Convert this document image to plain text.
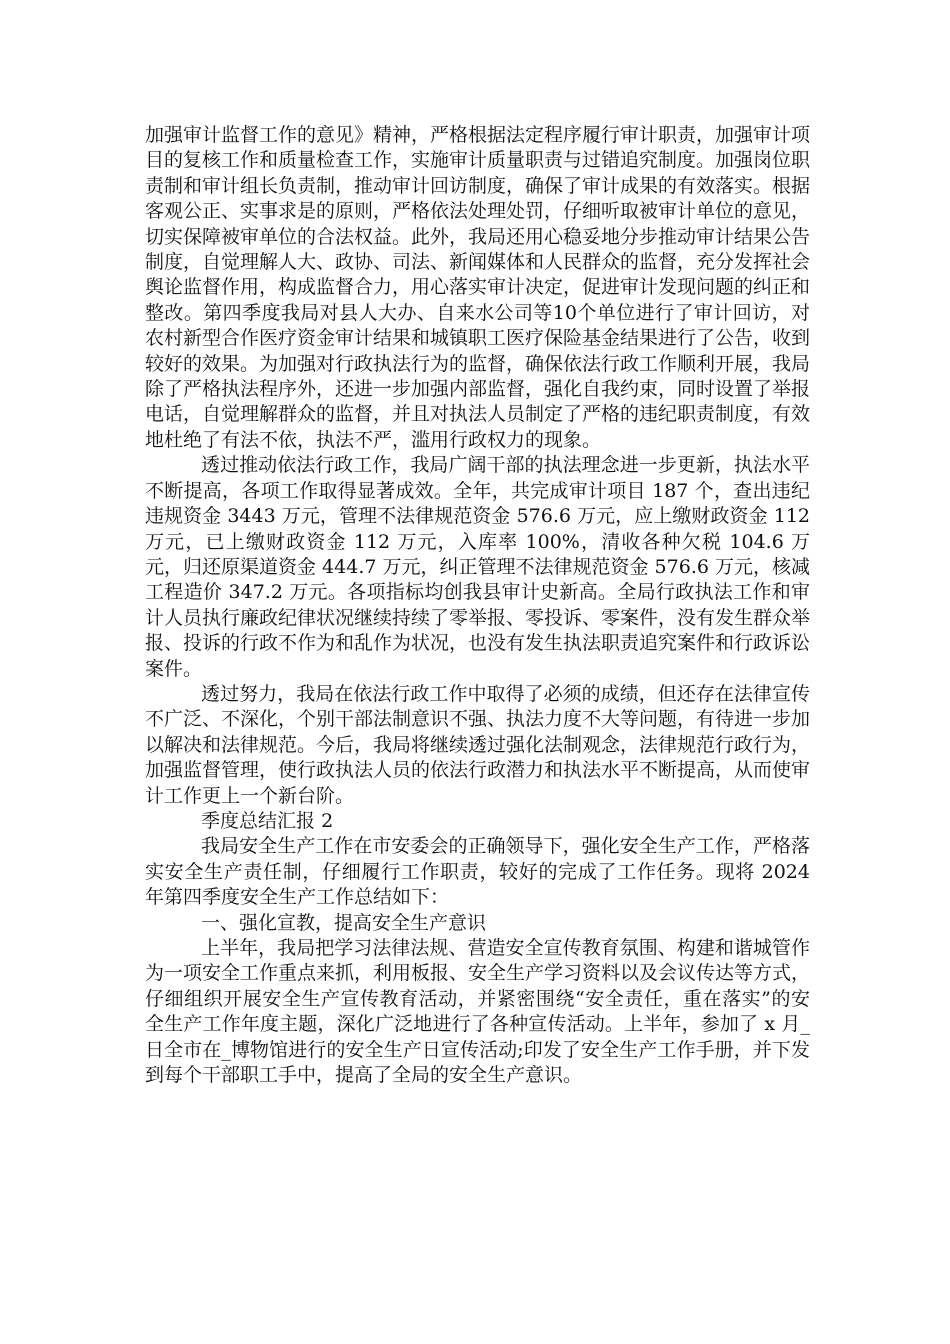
加强审计监督工作的意见》精神，严格根据法定程序履行审计职责，加强审计项目的复核工作和质量检查工作，实施审计质量职责与过错追究制度。加强岗位职责制和审计组长负责制，推动审计回访制度，确保了审计成果的有效落实。根据客观公正、实事求是的原则，严格依法处理处罚，仔细听取被审计单位的意见，切实保障被审单位的合法权益。此外，我局还用心稳妥地分步推动审计结果公告制度，自觉理解人大、政协、司法、新闻媒体和人民群众的监督，充分发挥社会舆论监督作用，构成监督合力，用心落实审计决定，促进审计发现问题的纠正和整改。第四季度我局对县人大办、自来水公司等10个单位进行了审计回访，对农村新型合作医疗资金审计结果和城镇职工医疗保险基金结果进行了公告，收到较好的效果。为加强对行政执法行为的监督，确保依法行政工作顺利开展，我局除了严格执法程序外，还进一步加强内部监督，强化自我约束，同时设置了举报电话，自觉理解群众的监督，并且对执法人员制定了严格的违纪职责制度，有效地杜绝了有法不依，执法不严，滥用行政权力的现象。

透过推动依法行政工作，我局广阔干部的执法理念进一步更新，执法水平不断提高，各项工作取得显著成效。全年，共完成审计项目 187 个，查出违纪违规资金 3443 万元，管理不法律规范资金 576.6 万元，应上缴财政资金 112 万元，已上缴财政资金 112 万元，入库率 100%，清收各种欠税 104.6 万元，归还原渠道资金 444.7 万元，纠正管理不法律规范资金 576.6 万元，核减工程造价 347.2 万元。各项指标均创我县审计史新高。全局行政执法工作和审计人员执行廉政纪律状况继续持续了零举报、零投诉、零案件，没有发生群众举报、投诉的行政不作为和乱作为状况，也没有发生执法职责追究案件和行政诉讼案件。

透过努力，我局在依法行政工作中取得了必须的成绩，但还存在法律宣传不广泛、不深化，个别干部法制意识不强、执法力度不大等问题，有待进一步加以解决和法律规范。今后，我局将继续透过强化法制观念，法律规范行政行为，加强监督管理，使行政执法人员的依法行政潜力和执法水平不断提高，从而使审计工作更上一个新台阶。

季度总结汇报 2

我局安全生产工作在市安委会的正确领导下，强化安全生产工作，严格落实安全生产责任制，仔细履行工作职责，较好的完成了工作任务。现将 2024 年第四季度安全生产工作总结如下：

一、强化宣教，提高安全生产意识

上半年，我局把学习法律法规、营造安全宣传教育氛围、构建和谐城管作为一项安全工作重点来抓，利用板报、安全生产学习资料以及会议传达等方式，仔细组织开展安全生产宣传教育活动，并紧密围绕“安全责任，重在落实”的安全生产工作年度主题，深化广泛地进行了各种宣传活动。上半年，参加了 x 月_日全市在_博物馆进行的安全生产日宣传活动;印发了安全生产工作手册，并下发到每个干部职工手中，提高了全局的安全生产意识。
